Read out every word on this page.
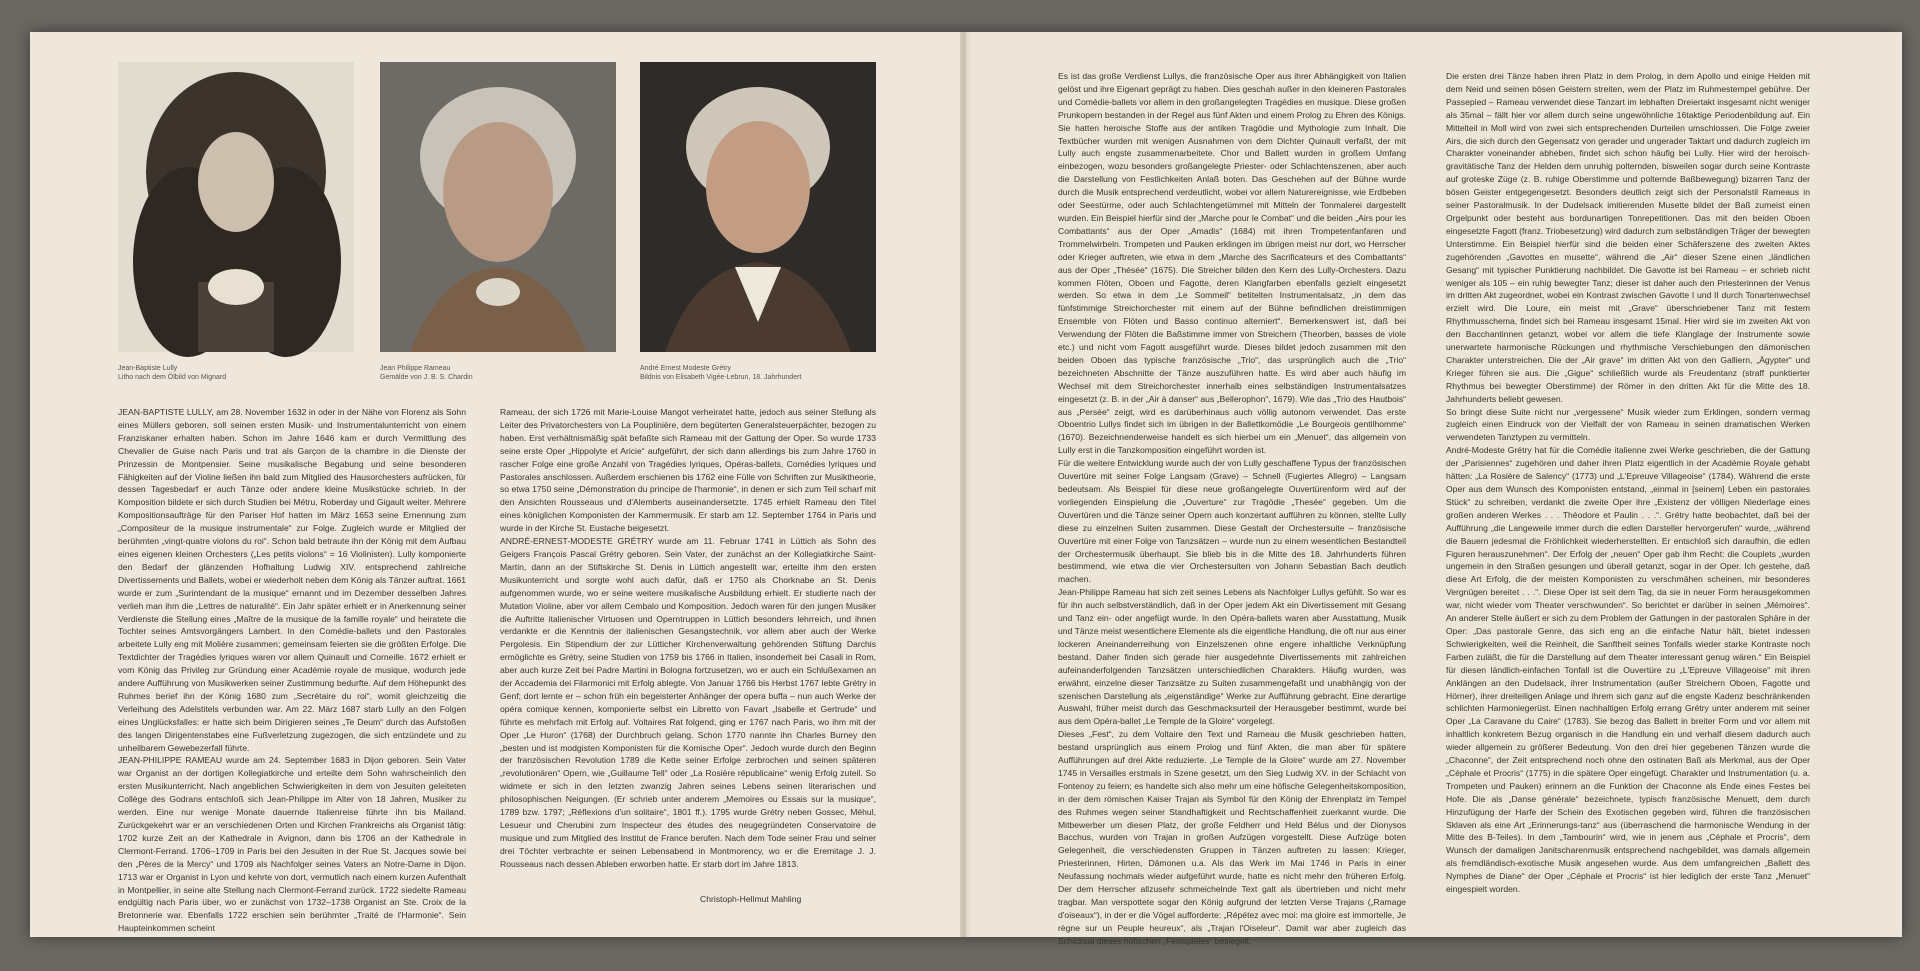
Jean-Baptiste Lully
Litho nach dem Ölbild von Mignard
Jean Philippe Rameau
Gemälde von J. B. S. Chardin
André Ernest Modeste Grétry
Bildnis von Elisabeth Vigée-Lebrun, 18. Jahrhundert

JEAN-BAPTISTE LULLY, am 28. November 1632 in oder in der Nähe von Florenz als Sohn eines Müllers geboren, soll seinen ersten Musik- und Instrumentalunterricht von einem Franziskaner erhalten haben. Schon im Jahre 1646 kam er durch Vermittlung des Chevalier de Guise nach Paris und trat als Garçon de la chambre in die Dienste der Prinzessin de Montpensier. Seine musikalische Begabung und seine besonderen Fähigkeiten auf der Violine ließen ihn bald zum Mitglied des Hausorchesters aufrücken, für dessen Tagesbedarf er auch Tänze oder andere kleine Musikstücke schrieb. In der Komposition bildete er sich durch Studien bei Métru, Roberday und Gigault weiter. Mehrere Kompositionsaufträge für den Pariser Hof hatten im März 1653 seine Ernennung zum „Compositeur de la musique instrumentale“ zur Folge. Zugleich wurde er Mitglied der berühmten „vingt-quatre violons du roi“. Schon bald betraute ihn der König mit dem Aufbau eines eigenen kleinen Orchesters („Les petits violons“ = 16 Violinisten). Lully komponierte den Bedarf der glänzenden Hofhaltung Ludwig XIV. entsprechend zahlreiche Divertissements und Ballets, wobei er wiederholt neben dem König als Tänzer auftrat. 1661 wurde er zum „Surintendant de la musique“ ernannt und im Dezember desselben Jahres verlieh man ihm die „Lettres de naturalité“. Ein Jahr später erhielt er in Anerkennung seiner Verdienste die Stellung eines „Maître de la musique de la famille royale“ und heiratete die Tochter seines Amtsvorgängers Lambert. In den Comédie-ballets und den Pastorales arbeitete Lully eng mit Molière zusammen; gemeinsam feierten sie die größten Erfolge. Die Textdichter der Tragédies lyriques waren vor allem Quinault und Corneille. 1672 erhielt er vom König das Privileg zur Gründung einer Académie royale de musique, wodurch jede andere Aufführung von Musikwerken seiner Zustimmung bedurfte. Auf dem Höhepunkt des Ruhmes berief ihn der König 1680 zum „Secrétaire du roi“, womit gleichzeitig die Verleihung des Adelstitels verbunden war. Am 22. März 1687 starb Lully an den Folgen eines Unglücksfalles: er hatte sich beim Dirigieren seines „Te Deum“ durch das Aufstoßen des langen Dirigentenstabes eine Fußverletzung zugezogen, die sich entzündete und zu unheilbarem Gewebezerfall führte.

JEAN-PHILIPPE RAMEAU wurde am 24. September 1683 in Dijon geboren. Sein Vater war Organist an der dortigen Kollegiatkirche und erteilte dem Sohn wahrscheinlich den ersten Musikunterricht. Nach angeblichen Schwierigkeiten in dem von Jesuiten geleiteten Collège des Godrans entschloß sich Jean-Philippe im Alter von 18 Jahren, Musiker zu werden. Eine nur wenige Monate dauernde Italienreise führte ihn bis Mailand. Zurückgekehrt war er an verschiedenen Orten und Kirchen Frankreichs als Organist tätig: 1702 kurze Zeit an der Kathedrale in Avignon, dann bis 1706 an der Kathedrale in Clermont-Ferrand. 1706–1709 in Paris bei den Jesuiten in der Rue St. Jacques sowie bei den „Pères de la Mercy“ und 1709 als Nachfolger seines Vaters an Notre-Dame in Dijon. 1713 war er Organist in Lyon und kehrte von dort, vermutlich nach einem kurzen Aufenthalt in Montpellier, in seine alte Stellung nach Clermont-Ferrand zurück. 1722 siedelte Rameau endgültig nach Paris über, wo er zunächst von 1732–1738 Organist an Ste. Croix de la Bretonnerie war. Ebenfalls 1722 erschien sein berühmter „Traité de l'Harmonie“. Sein Haupteinkommen scheint

Rameau, der sich 1726 mit Marie-Louise Mangot verheiratet hatte, jedoch aus seiner Stellung als Leiter des Privatorchesters von La Pouplinière, dem begüterten Generalsteuerpächter, bezogen zu haben. Erst verhältnismäßig spät befaßte sich Rameau mit der Gattung der Oper. So wurde 1733 seine erste Oper „Hippolyte et Aricie“ aufgeführt, der sich dann allerdings bis zum Jahre 1760 in rascher Folge eine große Anzahl von Tragédies lyriques, Opéras-ballets, Comédies lyriques und Pastorales anschlossen. Außerdem erschienen bis 1762 eine Fülle von Schriften zur Musiktheorie, so etwa 1750 seine „Démonstration du principe de l'harmonie“, in denen er sich zum Teil scharf mit den Ansichten Rousseaus und d'Alemberts auseinandersetzte. 1745 erhielt Rameau den Titel eines königlichen Komponisten der Kammermusik. Er starb am 12. September 1764 in Paris und wurde in der Kirche St. Eustache beigesetzt.

ANDRÉ-ERNEST-MODESTE GRÉTRY wurde am 11. Februar 1741 in Lüttich als Sohn des Geigers François Pascal Grétry geboren. Sein Vater, der zunächst an der Kollegiatkirche Saint-Martin, dann an der Stiftskirche St. Denis in Lüttich angestellt war, erteilte ihm den ersten Musikunterricht und sorgte wohl auch dafür, daß er 1750 als Chorknabe an St. Denis aufgenommen wurde, wo er seine weitere musikalische Ausbildung erhielt. Er studierte nach der Mutation Violine, aber vor allem Cembalo und Komposition. Jedoch waren für den jungen Musiker die Auftritte italienischer Virtuosen und Operntruppen in Lüttich besonders lehrreich, und ihnen verdankte er die Kenntnis der italienischen Gesangstechnik, vor allem aber auch der Werke Pergolesis. Ein Stipendium der zur Lütticher Kirchenverwaltung gehörenden Stiftung Darchis ermöglichte es Grétry, seine Studien von 1759 bis 1766 in Italien, insonderheit bei Casali in Rom, aber auch kurze Zeit bei Padre Martini in Bologna fortzusetzen, wo er auch ein Schlußexamen an der Accademia dei Filarmonici mit Erfolg ablegte. Von Januar 1766 bis Herbst 1767 lebte Grétry in Genf; dort lernte er – schon früh ein begeisterter Anhänger der opera buffa – nun auch Werke der opéra comique kennen, komponierte selbst ein Libretto von Favart „Isabelle et Gertrude“ und führte es mehrfach mit Erfolg auf. Voltaires Rat folgend, ging er 1767 nach Paris, wo ihm mit der Oper „Le Huron“ (1768) der Durchbruch gelang. Schon 1770 nannte ihn Charles Burney den „besten und ist modgisten Komponisten für die Komische Oper“. Jedoch wurde durch den Beginn der französischen Revolution 1789 die Kette seiner Erfolge zerbrochen und seinen späteren „revolutionären“ Opern, wie „Guillaume Tell“ oder „La Rosière républicaine“ wenig Erfolg zuteil. So widmete er sich in den letzten zwanzig Jahren seines Lebens seinen literarischen und philosophischen Neigungen. (Er schrieb unter anderem „Memoires ou Essais sur la musique“, 1789 bzw. 1797; „Réflexions d'un solitaire“, 1801 ff.). 1795 wurde Grétry neben Gossec, Méhul, Lesueur und Cherubini zum Inspecteur des études des neugegründeten Conservatoire de musique und zum Mitglied des Institut de France berufen. Nach dem Tode seiner Frau und seiner drei Töchter verbrachte er seinen Lebensabend in Montmorency, wo er die Eremitage J. J. Rousseaus nach dessen Ableben erworben hatte. Er starb dort im Jahre 1813.

Christoph-Hellmut Mahling

Es ist das große Verdienst Lullys, die französische Oper aus ihrer Abhängigkeit von Italien gelöst und ihre Eigenart geprägt zu haben. Dies geschah außer in den kleineren Pastorales und Comédie-ballets vor allem in den großangelegten Tragédies en musique. Diese großen Prunkopern bestanden in der Regel aus fünf Akten und einem Prolog zu Ehren des Königs. Sie hatten heroische Stoffe aus der antiken Tragödie und Mythologie zum Inhalt. Die Textbücher wurden mit wenigen Ausnahmen von dem Dichter Quinault verfaßt, der mit Lully auch engste zusammenarbeitete. Chor und Ballett wurden in großem Umfang einbezogen, wozu besonders großangelegte Priester- oder Schlachtenszenen, aber auch die Darstellung von Festlichkeiten Anlaß boten. Das Geschehen auf der Bühne wurde durch die Musik entsprechend verdeutlicht, wobei vor allem Naturereignisse, wie Erdbeben oder Seestürme, oder auch Schlachtengetümmel mit Mitteln der Tonmalerei dargestellt wurden. Ein Beispiel hierfür sind der „Marche pour le Combat“ und die beiden „Airs pour les Combattants“ aus der Oper „Amadis“ (1684) mit ihren Trompetenfanfaren und Trommelwirbeln. Trompeten und Pauken erklingen im übrigen meist nur dort, wo Herrscher oder Krieger auftreten, wie etwa in dem „Marche des Sacrificateurs et des Combattants“ aus der Oper „Thésée“ (1675). Die Streicher bilden den Kern des Lully-Orchesters. Dazu kommen Flöten, Oboen und Fagotte, deren Klangfarben ebenfalls gezielt eingesetzt werden. So etwa in dem „Le Sommeil“ betitelten Instrumentalsatz, „in dem das fünfstimmige Streichorchester mit einem auf der Bühne befindlichen dreistimmigen Ensemble von Flöten und Basso continuo alterniert“. Bemerkenswert ist, daß bei Verwendung der Flöten die Baßstimme immer von Streichern (Theorben, basses de viole etc.) und nicht vom Fagott ausgeführt wurde. Dieses bildet jedoch zusammen mit den beiden Oboen das typische französische „Trio“, das ursprünglich auch die „Trio“ bezeichneten Abschnitte der Tänze auszuführen hatte. Es wird aber auch häufig im Wechsel mit dem Streichorchester innerhalb eines selbständigen Instrumentalsatzes eingesetzt (z. B. in der „Air à danser“ aus „Bellerophon“, 1679). Wie das „Trio des Hautbois“ aus „Persée“ zeigt, wird es darüberhinaus auch völlig autonom verwendet. Das erste Oboentrio Lullys findet sich im übrigen in der Ballettkomödie „Le Bourgeois gentilhomme“ (1670). Bezeichnenderweise handelt es sich hierbei um ein „Menuet“, das allgemein von Lully erst in die Tanzkomposition eingeführt worden ist.

Für die weitere Entwicklung wurde auch der von Lully geschaffene Typus der französischen Ouvertüre mit seiner Folge Langsam (Grave) – Schnell (Fugiertes Allegro) – Langsam bedeutsam. Als Beispiel für diese neue großangelegte Ouvertürenform wird auf der vorliegenden Einspielung die „Ouverture“ zur Tragödie „Thesée“ gegeben. Um die Ouvertüren und die Tänze seiner Opern auch konzertant aufführen zu können, stellte Lully diese zu einzelnen Suiten zusammen. Diese Gestalt der Orchestersuite – französische Ouvertüre mit einer Folge von Tanzsätzen – wurde nun zu einem wesentlichen Bestandteil der Orchestermusik überhaupt. Sie blieb bis in die Mitte des 18. Jahrhunderts führen bestimmend, wie etwa die vier Orchestersuiten von Johann Sebastian Bach deutlich machen.

Jean-Philippe Rameau hat sich zeit seines Lebens als Nachfolger Lullys gefühlt. So war es für ihn auch selbstverständlich, daß in der Oper jedem Akt ein Divertissement mit Gesang und Tanz ein- oder angefügt wurde. In den Opéra-ballets waren aber Ausstattung, Musik und Tänze meist wesentlichere Elemente als die eigentliche Handlung, die oft nur aus einer lockeren Aneinanderreihung von Einzelszenen ohne engere inhaltliche Verknüpfung bestand. Daher finden sich gerade hier ausgedehnte Divertissements mit zahlreichen aufeinanderfolgenden Tanzsätzen unterschiedlichen Charakters. Häufig wurden, was erwähnt, einzelne dieser Tanzsätze zu Suiten zusammengefaßt und unabhängig von der szenischen Darstellung als „eigenständige“ Werke zur Aufführung gebracht. Eine derartige Auswahl, früher meist durch das Geschmacksurteil der Herausgeber bestimmt, wurde bei aus dem Opéra-ballet „Le Temple de la Gloire“ vorgelegt.

Dieses „Fest“, zu dem Voltaire den Text und Rameau die Musik geschrieben hatten, bestand ursprünglich aus einem Prolog und fünf Akten, die man aber für spätere Aufführungen auf drei Akte reduzierte. „Le Temple de la Gloire“ wurde am 27. November 1745 in Versailles erstmals in Szene gesetzt, um den Sieg Ludwig XV. in der Schlacht von Fontenoy zu feiern; es handelte sich also mehr um eine höfische Gelegenheitskomposition, in der dem römischen Kaiser Trajan als Symbol für den König der Ehrenplatz im Tempel des Ruhmes wegen seiner Standhaftigkeit und Rechtschaffenheit zuerkannt wurde. Die Mitbewerber um diesen Platz, der große Feldherr und Held Bélus und der Dionysos Bacchus, wurden von Trajan in großen Aufzügen vorgestellt. Diese Aufzüge boten Gelegenheit, die verschiedensten Gruppen in Tänzen auftreten zu lassen: Krieger, Priesterinnen, Hirten, Dämonen u.a. Als das Werk im Mai 1746 in Paris in einer Neufassung nochmals wieder aufgeführt wurde, hatte es nicht mehr den früheren Erfolg. Der dem Herrscher allzusehr schmeichelnde Text galt als übertrieben und nicht mehr tragbar. Man verspottete sogar den König aufgrund der letzten Verse Trajans („Ramage d'oiseaux“), in der er die Vögel aufforderte: „Répétez avec moi: ma gloire est immortelle, Je règne sur un Peuple heureux“, als „Trajan l'Oiseleur“. Damit war aber zugleich das Schicksal dieses höfischen „Festspieles“ besiegelt.

Die ersten drei Tänze haben ihren Platz in dem Prolog, in dem Apollo und einige Helden mit dem Neid und seinen bösen Geistern streiten, wem der Platz im Ruhmestempel gebühre. Der Passepied – Rameau verwendet diese Tanzart im lebhaften Dreiertakt insgesamt nicht weniger als 35mal – fällt hier vor allem durch seine ungewöhnliche 16taktige Periodenbildung auf. Ein Mittelteil in Moll wird von zwei sich entsprechenden Durteilen umschlossen. Die Folge zweier Airs, die sich durch den Gegensatz von gerader und ungerader Taktart und dadurch zugleich im Charakter voneinander abheben, findet sich schon häufig bei Lully. Hier wird der heroisch-gravitätische Tanz der Helden dem unruhig polternden, bisweilen sogar durch seine Kontraste auf groteske Züge (z. B. ruhige Oberstimme und polternde Baßbewegung) bizarren Tanz der bösen Geister entgegengesetzt. Besonders deutlich zeigt sich der Personalstil Rameaus in seiner Pastoralmusik. In der Dudelsack imitierenden Musette bildet der Baß zumeist einen Orgelpunkt oder besteht aus bordunartigen Tonrepetitionen. Das mit den beiden Oboen eingesetzte Fagott (franz. Triobesetzung) wird dadurch zum selbständigen Träger der bewegten Unterstimme. Ein Beispiel hierfür sind die beiden einer Schäferszene des zweiten Aktes zugehörenden „Gavottes en musette“, während die „Air“ dieser Szene einen „ländlichen Gesang“ mit typischer Punktierung nachbildet. Die Gavotte ist bei Rameau – er schrieb nicht weniger als 105 – ein ruhig bewegter Tanz; dieser ist daher auch den Priesterinnen der Venus im dritten Akt zugeordnet, wobei ein Kontrast zwischen Gavotte I und II durch Tonartenwechsel erzielt wird. Die Loure, ein meist mit „Grave“ überschriebener Tanz mit festem Rhythmusschema, findet sich bei Rameau insgesamt 15mal. Hier wird sie im zweiten Akt von den Bacchantinnen getanzt, wobei vor allem die tiefe Klanglage der Instrumente sowie unerwartete harmonische Rückungen und rhythmische Verschiebungen den dämonischen Charakter unterstreichen. Die der „Air grave“ im dritten Akt von den Galliern, „Ägypter“ und Krieger führen sie aus. Die „Gigue“ schließlich wurde als Freudentanz (straff punktierter Rhythmus bei bewegter Oberstimme) der Römer in den dritten Akt für die Mitte des 18. Jahrhunderts beliebt gewesen.

So bringt diese Suite nicht nur „vergessene“ Musik wieder zum Erklingen, sondern vermag zugleich einen Eindruck von der Vielfalt der von Rameau in seinen dramatischen Werken verwendeten Tanztypen zu vermitteln.

André-Modeste Grétry hat für die Comédie italienne zwei Werke geschrieben, die der Gattung der „Parisiennes“ zugehören und daher ihren Platz eigentlich in der Académie Royale gehabt hätten: „La Rosière de Salency“ (1773) und „L'Epreuve Villageoise“ (1784). Während die erste Oper aus dem Wunsch des Komponisten entstand, „einmal in [seinem] Leben ein pastorales Stück“ zu schreiben, verdankt die zweite Oper ihre „Existenz der völligen Niederlage eines großen anderen Werkes . . . Théodore et Paulin . . .“. Grétry hatte beobachtet, daß bei der Aufführung „die Langeweile immer durch die edlen Darsteller hervorgerufen“ wurde, „während die Bauern jedesmal die Fröhlichkeit wiederherstellten. Er entschloß sich daraufhin, die edlen Figuren herauszunehmen“. Der Erfolg der „neuen“ Oper gab ihm Recht: die Couplets „wurden ungemein in den Straßen gesungen und überall getanzt, sogar in der Oper. Ich gestehe, daß diese Art Erfolg, die der meisten Komponisten zu verschmähen scheinen, mir besonderes Vergnügen bereitet . . .“. Diese Oper ist seit dem Tag, da sie in neuer Form herausgekommen war, nicht wieder vom Theater verschwunden“. So berichtet er darüber in seinen „Mémoires“. An anderer Stelle äußert er sich zu dem Problem der Gattungen in der pastoralen Sphäre in der Oper: „Das pastorale Genre, das sich eng an die einfache Natur hält, bietet indessen Schwierigkeiten, weil die Reinheit, die Sanftheit seines Tonfalls wieder starke Kontraste noch Farben zuläßt, die für die Darstellung auf dem Theater interessant genug wären.“ Ein Beispiel für diesen ländlich-einfachen Tonfall ist die Ouvertüre zu „L'Epreuve Villageoise“ mit ihren Anklängen an den Dudelsack, ihrer Instrumentation (außer Streichern Oboen, Fagotte und Hörner), ihrer dreiteiligen Anlage und ihrem sich ganz auf die engste Kadenz beschränkenden schlichten Harmoniegerüst. Einen nachhaltigen Erfolg errang Grétry unter anderem mit seiner Oper „La Caravane du Caire“ (1783). Sie bezog das Ballett in breiter Form und vor allem mit inhaltlich konkretem Bezug organisch in die Handlung ein und verhalf diesem dadurch auch wieder allgemein zu größerer Bedeutung. Von den drei hier gegebenen Tänzen wurde die „Chaconne“, der Zeit entsprechend noch ohne den ostinaten Baß als Merkmal, aus der Oper „Céphale et Procris“ (1775) in die spätere Oper eingefügt. Charakter und Instrumentation (u. a. Trompeten und Pauken) erinnern an die Funktion der Chaconne als Ende eines Festes bei Hofe. Die als „Danse générale“ bezeichnete, typisch französische Menuett, dem durch Hinzufügung der Harfe der Schein des Exotischen gegeben wird, führen die französischen Sklaven als eine Art „Erinnerungs-tanz“ aus (überraschend die harmonische Wendung in der Mitte des B-Teiles). In dem „Tambourin“ wird, wie in jenem aus „Céphale et Procris“, dem Wunsch der damaligen Janitscharenmusik entsprechend nachgebildet, was damals allgemein als fremdländisch-exotische Musik angesehen wurde. Aus dem umfangreichen „Ballett des Nymphes de Diane“ der Oper „Céphale et Procris“ ist hier lediglich der erste Tanz „Menuet“ eingespielt worden.
